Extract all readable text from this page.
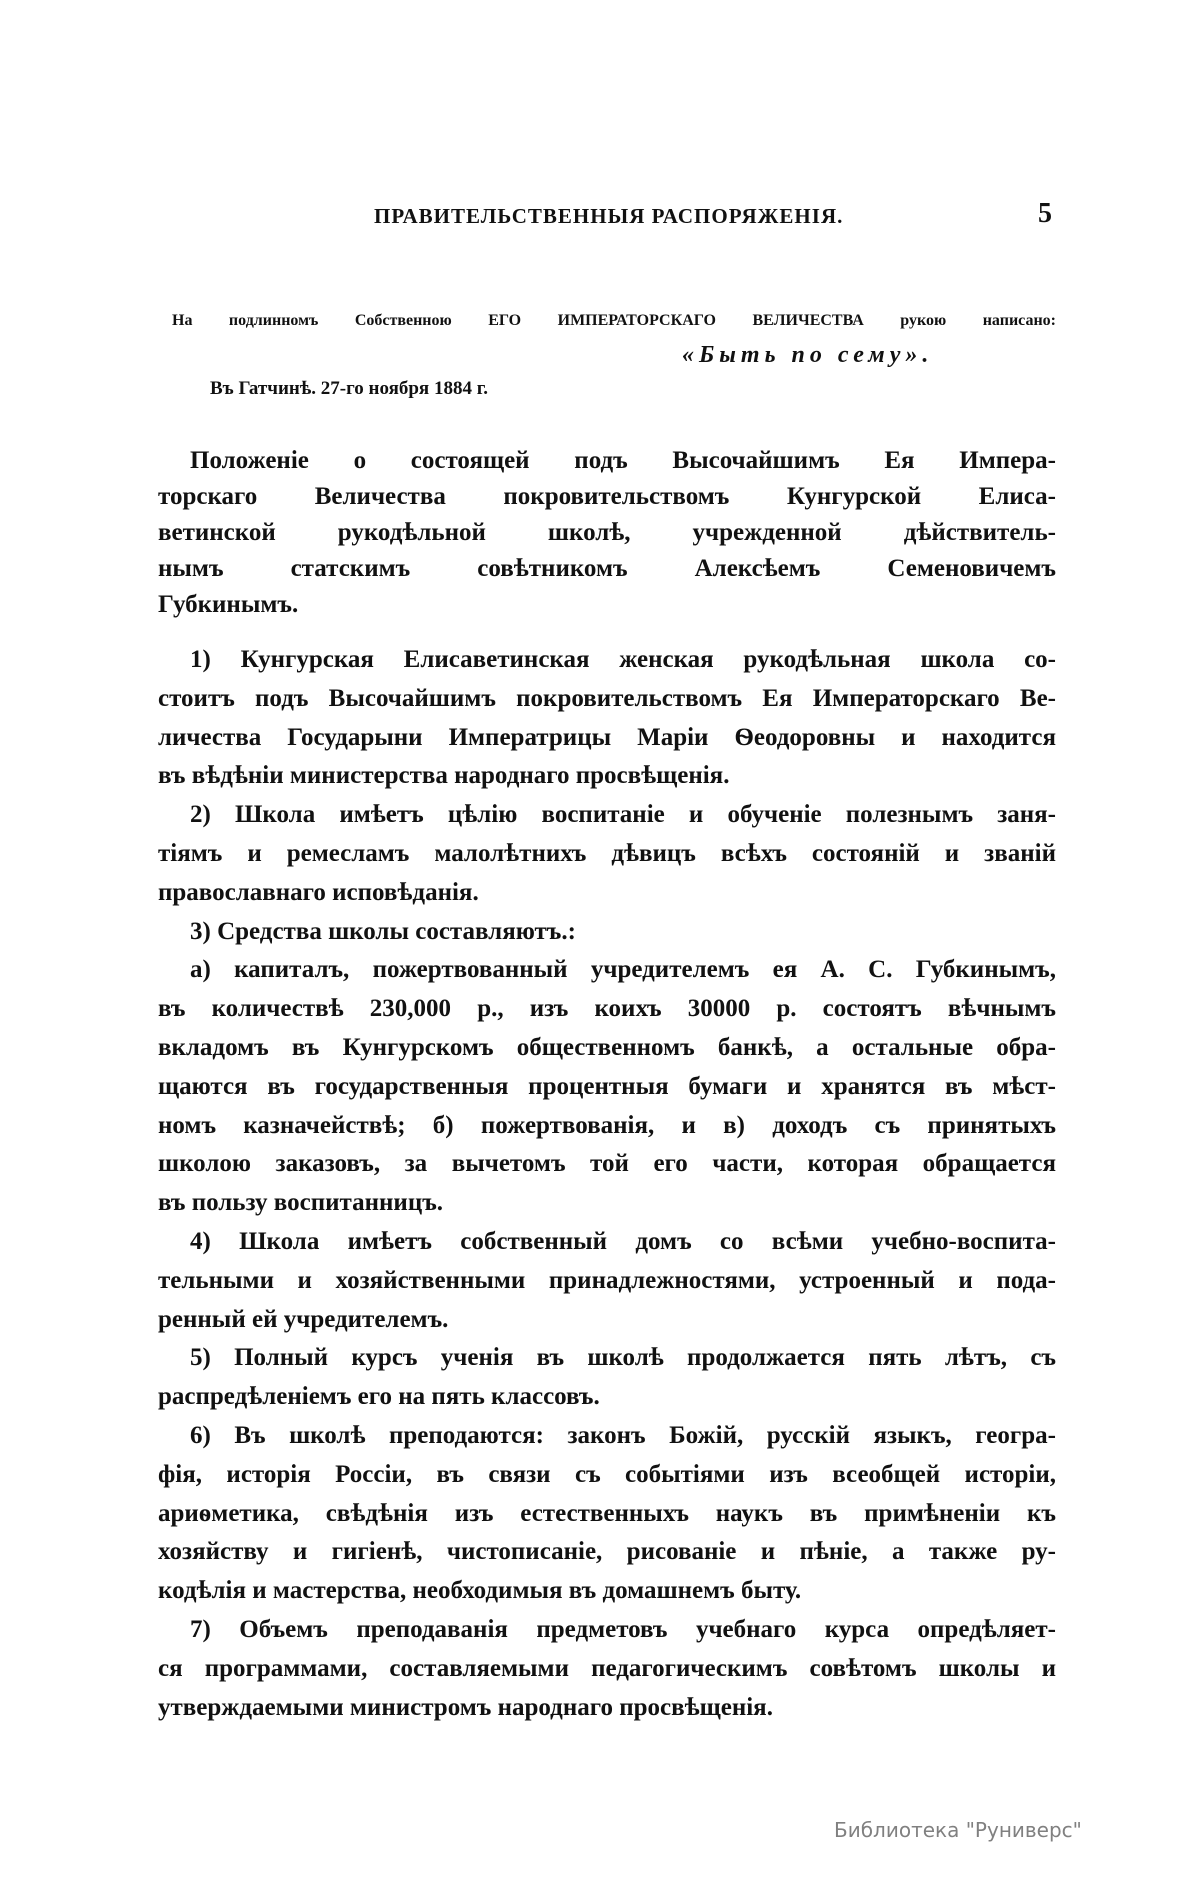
ПРАВИТЕЛЬСТВЕННЫЯ РАСПОРЯЖЕНІЯ.	5
На подлинномъ Собственною ЕГО ИМПЕРАТОРСКАГО ВЕЛИЧЕСТВА рукою написано:
«Быть по сему».
Въ Гатчинѣ. 27-го ноября 1884 г.
Положеніе о состоящей подъ Высочайшимъ Ея Импера-
торскаго Величества покровительствомъ Кунгурской Елиса-
ветинской рукодѣльной школѣ, учрежденной дѣйствитель-
нымъ статскимъ совѣтникомъ Алексѣемъ Семеновичемъ
Губкинымъ.
1) Кунгурская Елисаветинская женская рукодѣльная школа со-
стоитъ подъ Высочайшимъ покровительствомъ Ея Императорскаго Ве-
личества Государыни Императрицы Маріи Ѳеодоровны и находится
въ вѣдѣніи министерства народнаго просвѣщенія.
2) Школа имѣетъ цѣлію воспитаніе и обученіе полезнымъ заня-
тіямъ и ремесламъ малолѣтнихъ дѣвицъ всѣхъ состояній и званій
православнаго исповѣданія.
3) Средства школы составляютъ.:
а) капиталъ, пожертвованный учредителемъ ея А. С. Губкинымъ,
въ количествѣ 230,000 р., изъ коихъ 30000 р. состоятъ вѣчнымъ
вкладомъ въ Кунгурскомъ общественномъ банкѣ, а остальные обра-
щаются въ государственныя процентныя бумаги и хранятся въ мѣст-
номъ казначействѣ; б) пожертвованія, и в) доходъ съ принятыхъ
школою заказовъ, за вычетомъ той его части, которая обращается
въ пользу воспитанницъ.
4) Школа имѣетъ собственный домъ со всѣми учебно-воспита-
тельными и хозяйственными принадлежностями, устроенный и пода-
ренный ей учредителемъ.
5) Полный курсъ ученія въ школѣ продолжается пять лѣтъ, съ
распредѣленіемъ его на пять классовъ.
6) Въ школѣ преподаются: законъ Божій, русскій языкъ, геогра-
фія, исторія Россіи, въ связи съ событіями изъ всеобщей исторіи,
ариѳметика, свѣдѣнія изъ естественныхъ наукъ въ примѣненіи къ
хозяйству и гигіенѣ, чистописаніе, рисованіе и пѣніе, а также ру-
кодѣлія и мастерства, необходимыя въ домашнемъ быту.
7) Объемъ преподаванія предметовъ учебнаго курса опредѣляет-
ся программами, составляемыми педагогическимъ совѣтомъ школы и
утверждаемыми министромъ народнаго просвѣщенія.
Библиотека "Руниверс"
